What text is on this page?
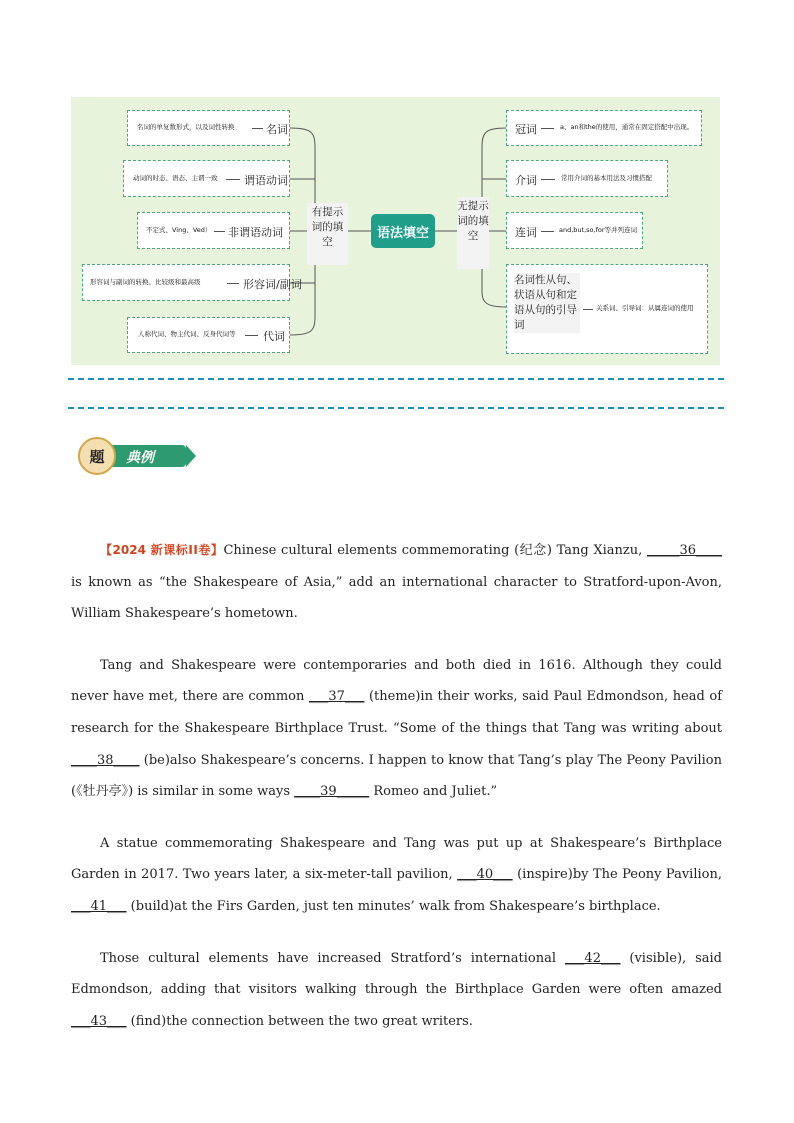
名词的单复数形式，以及词性转换	名词
动词的时态、语态、主谓一致 谓语动词
不定式、Ving、Ved） 非谓语动词
形容词与副词的转换、比较级和最高级	形容词/副词
人称代词、物主代词、反身代词等	代词
有提示词的填空
语法填空
无提示词的填空
冠词	a、an和the的使用，通常在固定搭配中出现。
介词	常用介词的基本用法及习惯搭配
连词	and,but,so,for等并列连词
名词性从句、状语从句和定语从句的引导词
关系词、引导词：从属连词的使用
典例
题

【2024 新课标ⅠⅠ卷】Chinese cultural elements commemorating (纪念) Tang Xianzu, _____36____ is known as “the Shakespeare of Asia,” add an international character to Stratford-upon-Avon, William Shakespeare’s hometown.

Tang and Shakespeare were contemporaries and both died in 1616. Although they could never have met, there are common ___37___ (theme)in their works, said Paul Edmondson, head of research for the Shakespeare Birthplace Trust. “Some of the things that Tang was writing about ____38____ (be)also Shakespeare’s concerns. I happen to know that Tang’s play The Peony Pavilion (《牡丹亭》) is similar in some ways ____39_____ Romeo and Juliet.”

A statue commemorating Shakespeare and Tang was put up at Shakespeare’s Birthplace Garden in 2017. Two years later, a six-meter-tall pavilion, ___40___ (inspire)by The Peony Pavilion, ___41___ (build)at the Firs Garden, just ten minutes’ walk from Shakespeare’s birthplace.

Those cultural elements have increased Stratford’s international ___42___ (visible), said Edmondson, adding that visitors walking through the Birthplace Garden were often amazed ___43___ (find)the connection between the two great writers.
